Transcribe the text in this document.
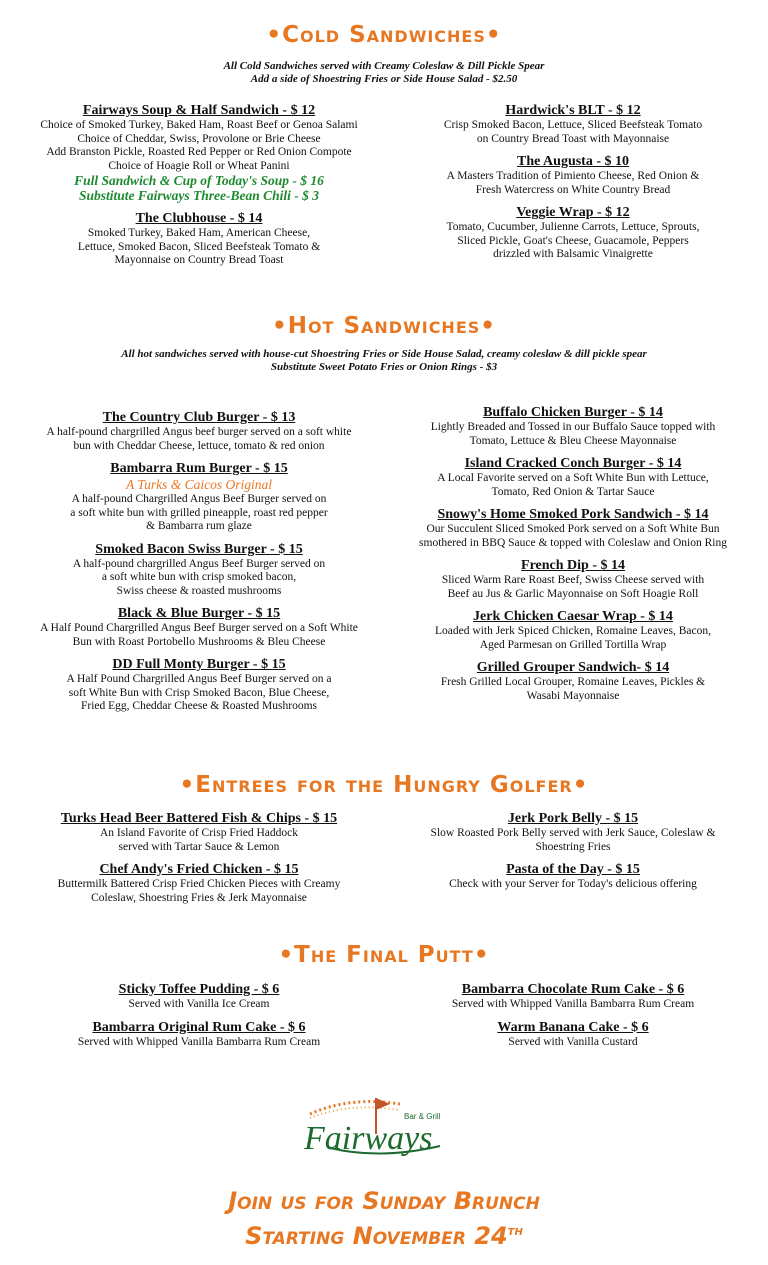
•Cold Sandwiches•
All Cold Sandwiches served with Creamy Coleslaw & Dill Pickle Spear
Add a side of Shoestring Fries or Side House Salad - $2.50
Fairways Soup & Half Sandwich - $ 12
Choice of Smoked Turkey, Baked Ham, Roast Beef or Genoa Salami
Choice of Cheddar, Swiss, Provolone or Brie Cheese
Add Branston Pickle, Roasted Red Pepper or Red Onion Compote
Choice of Hoagie Roll or Wheat Panini
Full Sandwich & Cup of Today's Soup - $ 16
Substitute Fairways Three-Bean Chili - $ 3
The Clubhouse - $ 14
Smoked Turkey, Baked Ham, American Cheese,
Lettuce, Smoked Bacon, Sliced Beefsteak Tomato &
Mayonnaise on Country Bread Toast
Hardwick's BLT - $ 12
Crisp Smoked Bacon, Lettuce, Sliced Beefsteak Tomato
on Country Bread Toast with Mayonnaise
The Augusta - $ 10
A Masters Tradition of Pimiento Cheese, Red Onion &
Fresh Watercress on White Country Bread
Veggie Wrap - $ 12
Tomato, Cucumber, Julienne Carrots, Lettuce, Sprouts,
Sliced Pickle, Goat's Cheese, Guacamole, Peppers
drizzled with Balsamic Vinaigrette
•Hot Sandwiches•
All hot sandwiches served with house-cut Shoestring Fries or Side House Salad, creamy coleslaw & dill pickle spear
Substitute Sweet Potato Fries or Onion Rings - $3
The Country Club Burger - $ 13
A half-pound chargrilled Angus beef burger served on a soft white
bun with Cheddar Cheese, lettuce, tomato & red onion
Bambarra Rum Burger - $ 15
A Turks & Caicos Original
A half-pound Chargrilled Angus Beef Burger served on
a soft white bun with grilled pineapple, roast red pepper
& Bambarra rum glaze
Smoked Bacon Swiss Burger - $ 15
A half-pound chargrilled Angus Beef Burger served on
a soft white bun with crisp smoked bacon,
Swiss cheese & roasted mushrooms
Black & Blue Burger - $ 15
A Half Pound Chargrilled Angus Beef Burger served on a Soft White
Bun with Roast Portobello Mushrooms & Bleu Cheese
DD Full Monty Burger - $ 15
A Half Pound Chargrilled Angus Beef Burger served on a
soft White Bun with Crisp Smoked Bacon, Blue Cheese,
Fried Egg, Cheddar Cheese & Roasted Mushrooms
Buffalo Chicken Burger - $ 14
Lightly Breaded and Tossed in our Buffalo Sauce topped with
Tomato, Lettuce & Bleu Cheese Mayonnaise
Island Cracked Conch Burger - $ 14
A Local Favorite served on a Soft White Bun with Lettuce,
Tomato, Red Onion & Tartar Sauce
Snowy's Home Smoked Pork Sandwich - $ 14
Our Succulent Sliced Smoked Pork served on a Soft White Bun
smothered in BBQ Sauce & topped with Coleslaw and Onion Ring
French Dip - $ 14
Sliced Warm Rare Roast Beef, Swiss Cheese served with
Beef au Jus & Garlic Mayonnaise on Soft Hoagie Roll
Jerk Chicken Caesar Wrap - $ 14
Loaded with Jerk Spiced Chicken, Romaine Leaves, Bacon,
Aged Parmesan on Grilled Tortilla Wrap
Grilled Grouper Sandwich- $ 14
Fresh Grilled Local Grouper, Romaine Leaves, Pickles &
Wasabi Mayonnaise
•Entrees for the Hungry Golfer•
Turks Head Beer Battered Fish & Chips - $ 15
An Island Favorite of Crisp Fried Haddock
served with Tartar Sauce & Lemon
Chef Andy's Fried Chicken - $ 15
Buttermilk Battered Crisp Fried Chicken Pieces with Creamy
Coleslaw, Shoestring Fries & Jerk Mayonnaise
Jerk Pork Belly - $ 15
Slow Roasted Pork Belly served with Jerk Sauce, Coleslaw &
Shoestring Fries
Pasta of the Day - $ 15
Check with your Server for Today's delicious offering
•The Final Putt•
Sticky Toffee Pudding - $ 6
Served with Vanilla Ice Cream
Bambarra Original Rum Cake - $ 6
Served with Whipped Vanilla Bambarra Rum Cream
Bambarra Chocolate Rum Cake - $ 6
Served with Whipped Vanilla Bambarra Rum Cream
Warm Banana Cake - $ 6
Served with Vanilla Custard
Bar & Grill
Fairways
Join us for Sunday Brunch
Starting November 24th
